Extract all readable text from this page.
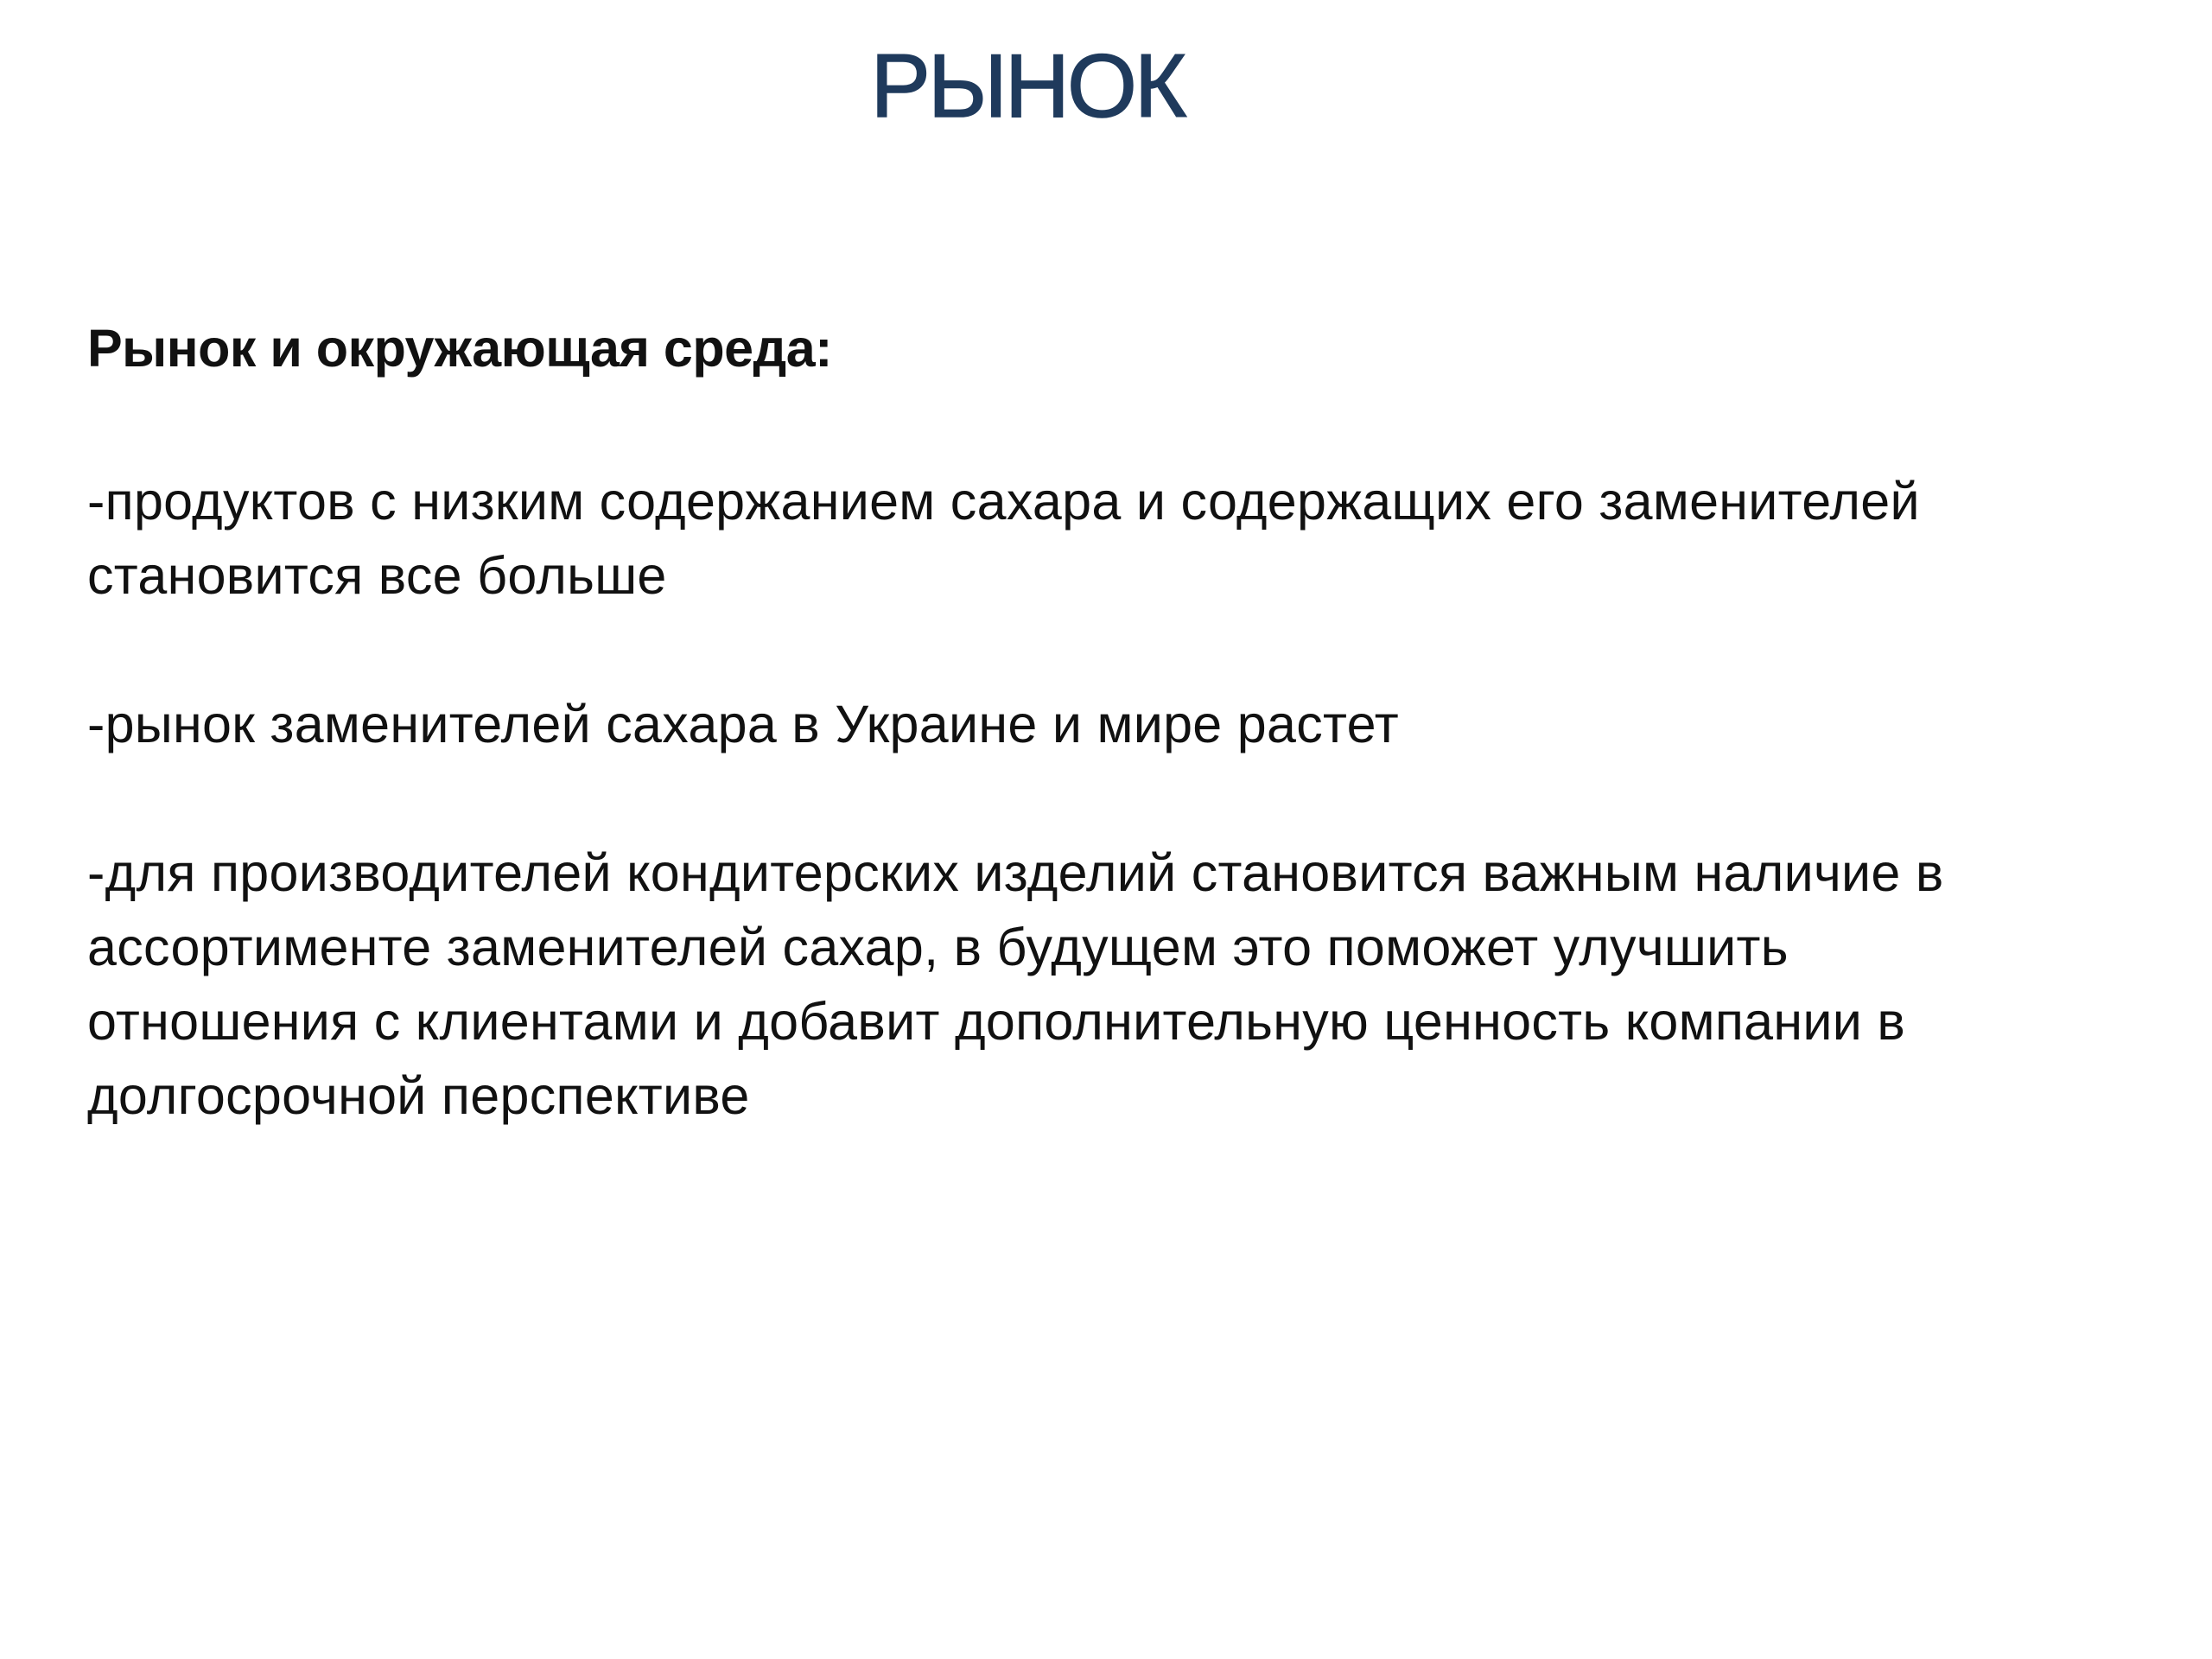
РЫНОК

Рынок и окружающая среда:

-продуктов с низким содержанием сахара и содержащих его заменителей
становится все больше

-рынок заменителей сахара в Украине и мире растет

-для производителей кондитерских изделий становится важным наличие в
ассортименте заменителей сахар, в будущем это поможет улучшить
отношения с клиентами и добавит дополнительную ценность компании в
долгосрочной перспективе
